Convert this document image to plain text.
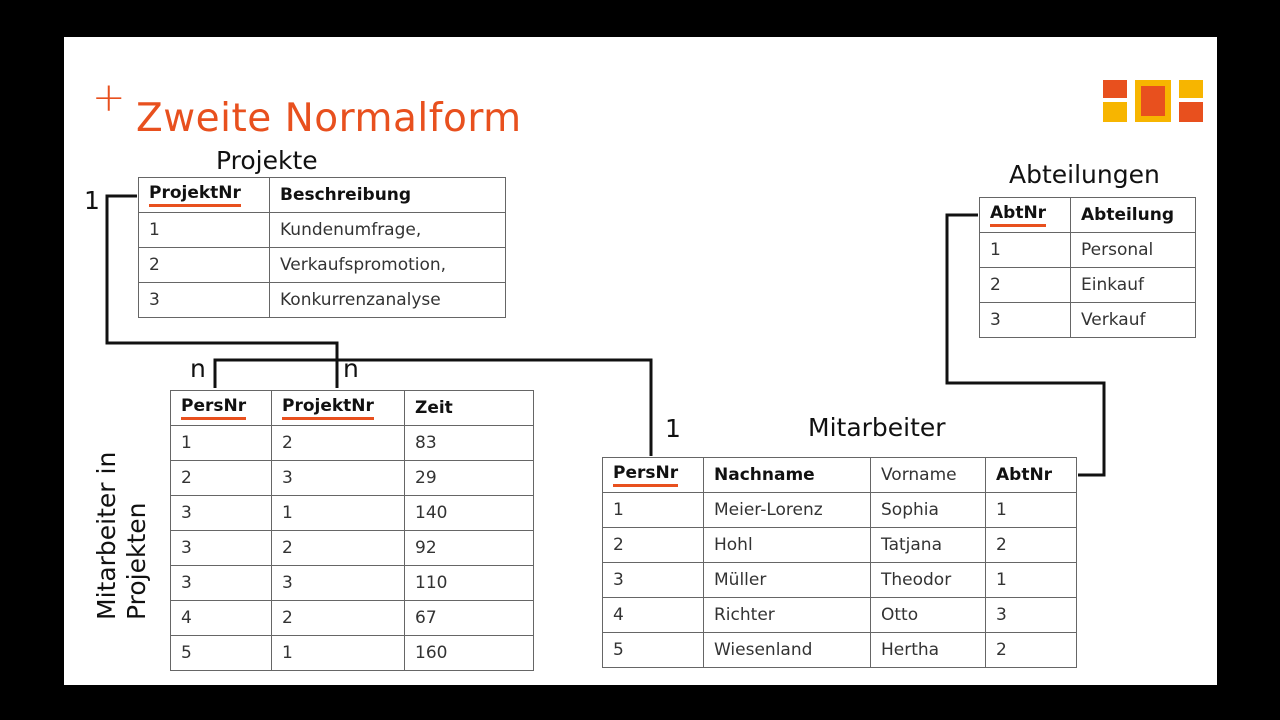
+ Zweite Normalform
1
n	n
1
Projekte	Abteilungen
Mitarbeiter
Mitarbeiter in Projekten
ProjektNr	Beschreibung
1	Kundenumfrage,
2	Verkaufspromotion,
3	Konkurrenzanalyse
AbtNr	Abteilung
1	Personal
2	Einkauf
3	Verkauf
PersNr	ProjektNr	Zeit
1	2	83
2	3	29
3	1	140
3	2	92
3	3	110
4	2	67
5	1	160
PersNr	Nachname	Vorname	AbtNr
1	Meier-Lorenz	Sophia	1
2	Hohl	Tatjana	2
3	Müller	Theodor	1
4	Richter	Otto	3
5	Wiesenland	Hertha	2
